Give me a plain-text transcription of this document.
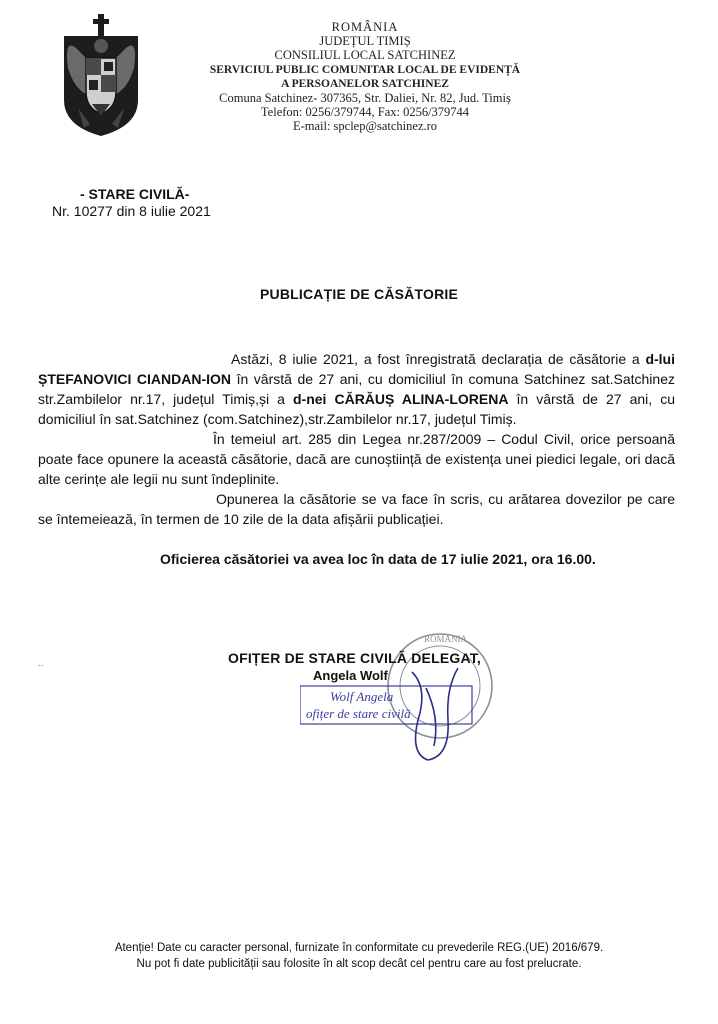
ROMÂNIA
JUDEȚUL TIMIȘ
CONSILIUL LOCAL SATCHINEZ
SERVICIUL PUBLIC COMUNITAR LOCAL DE EVIDENȚĂ
A PERSOANELOR SATCHINEZ
Comuna Satchinez- 307365, Str. Daliei, Nr. 82, Jud. Timiș
Telefon: 0256/379744, Fax: 0256/379744
E-mail: spclep@satchinez.ro
- STARE CIVILĂ-
Nr. 10277 din 8 iulie 2021
PUBLICAȚIE DE CĂSĂTORIE

Astăzi, 8 iulie 2021, a fost înregistrată declarația de căsătorie a d-lui ȘTEFANOVICI CIANDAN-ION în vârstă de 27 ani, cu domiciliul în comuna Satchinez sat.Satchinez str.Zambilelor nr.17, județul Timiș,și a d-nei CĂRĂUȘ ALINA-LORENA în vârstă de 27 ani, cu domiciliul în sat.Satchinez (com.Satchinez),str.Zambilelor nr.17, județul Timiș.

În temeiul art. 285 din Legea nr.287/2009 – Codul Civil, orice persoană poate face opunere la această căsătorie, dacă are cunoștiință de existența unei piedici legale, ori dacă alte cerințe ale legii nu sunt îndeplinite.

Opunerea la căsătorie se va face în scris, cu arătarea dovezilor pe care se întemeiează, în termen de 10 zile de la data afișării publicației.

Oficierea căsătoriei va avea loc în data de 17 iulie 2021, ora 16.00.
-·
ROMÂNIA
Wolf Angela
ofițer de stare civilă
OFIȚER DE STARE CIVILĂ DELEGAT,
Angela Wolf
Atenție! Date cu caracter personal, furnizate în conformitate cu prevederile REG.(UE) 2016/679.
Nu pot fi date publicității sau folosite în alt scop decât cel pentru care au fost prelucrate.
